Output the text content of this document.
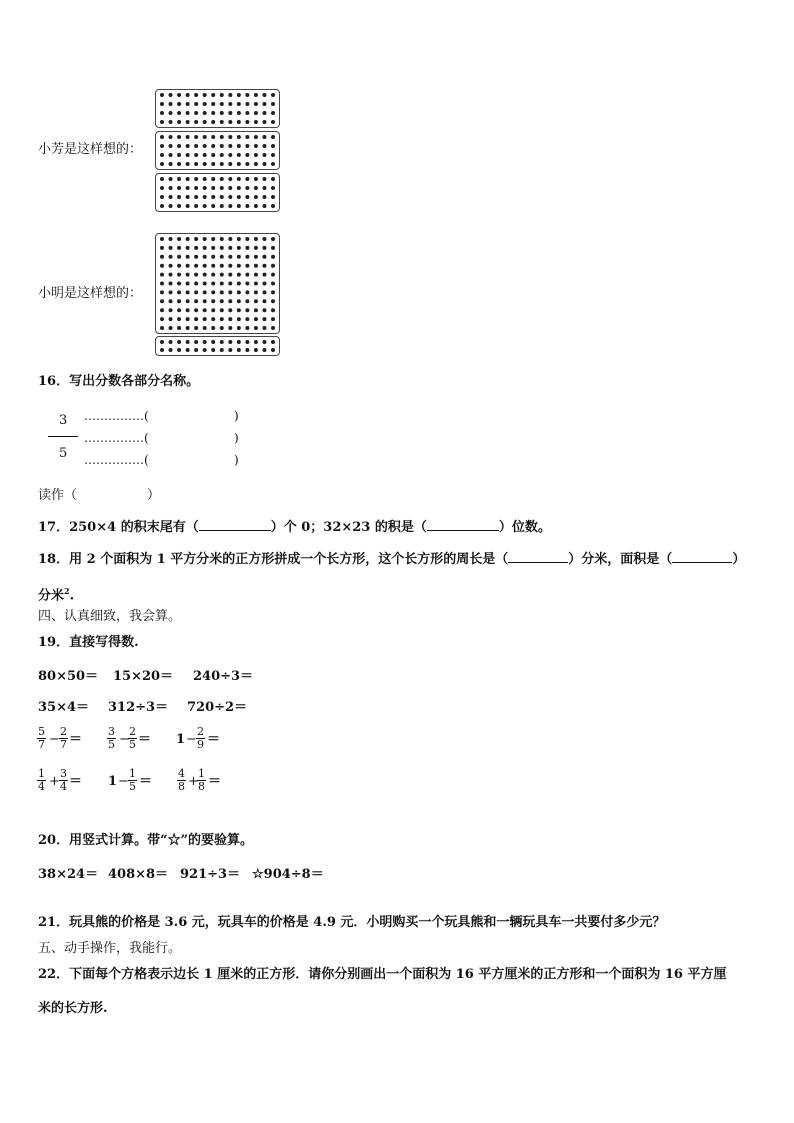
小芳是这样想的：
小明是这样想的：
16．写出分数各部分名称。
3
5
……………(	)
……………(	)
……………(	)
读作（	）
17．250×4 的积末尾有（	）个 0；32×23 的积是（	）位数。
18．用 2 个面积为 1 平方分米的正方形拼成一个长方形，这个长方形的周长是（	）分米，面积是（	）
分米$^2$.
四、认真细致，我会算。
19．直接写得数.
80×50＝ 15×20＝ 240÷3＝
35×4＝ 312÷3＝ 720÷2＝
$\frac{5}{7} - \frac{2}{7} = \frac{3}{5}$ −
$\frac{2}{5} = 1 - \frac{2}{9}$ ＝
$\frac{1}{4} + \frac{3}{4} = 1 - \frac{1}{5} = \frac{4}{8}$ +
$\frac{1}{8}$ ＝
20．用竖式计算。带“☆”的要验算。
38×24＝ 408×8＝ 921÷3＝ ☆904÷8＝
21．玩具熊的价格是 3.6 元，玩具车的价格是 4.9 元．小明购买一个玩具熊和一辆玩具车一共要付多少元？
五、动手操作，我能行。
22．下面每个方格表示边长 1 厘米的正方形．请你分别画出一个面积为 16 平方厘米的正方形和一个面积为 16 平方厘
米的长方形.
